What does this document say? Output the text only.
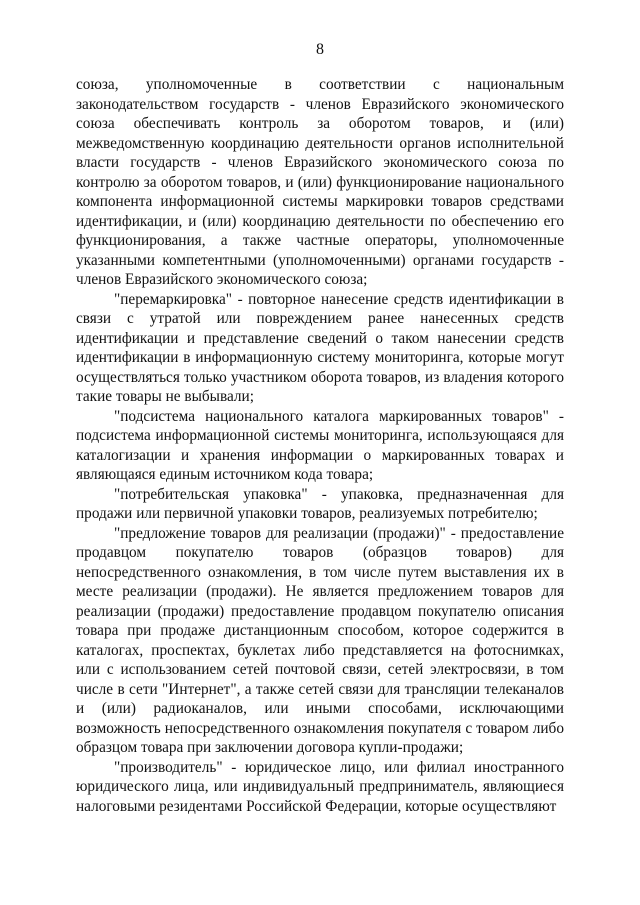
8

союза, уполномоченные в соответствии с национальным законодательством государств - членов Евразийского экономического союза обеспечивать контроль за оборотом товаров, и (или) межведомственную координацию деятельности органов исполнительной власти государств - членов Евразийского экономического союза по контролю за оборотом товаров, и (или) функционирование национального компонента информационной системы маркировки товаров средствами идентификации, и (или) координацию деятельности по обеспечению его функционирования, а также частные операторы, уполномоченные указанными компетентными (уполномоченными) органами государств - членов Евразийского экономического союза;

"перемаркировка" - повторное нанесение средств идентификации в связи с утратой или повреждением ранее нанесенных средств идентификации и представление сведений о таком нанесении средств идентификации в информационную систему мониторинга, которые могут осуществляться только участником оборота товаров, из владения которого такие товары не выбывали;

"подсистема национального каталога маркированных товаров" - подсистема информационной системы мониторинга, использующаяся для каталогизации и хранения информации о маркированных товарах и являющаяся единым источником кода товара;

"потребительская упаковка" - упаковка, предназначенная для продажи или первичной упаковки товаров, реализуемых потребителю;

"предложение товаров для реализации (продажи)" - предоставление продавцом покупателю товаров (образцов товаров) для непосредственного ознакомления, в том числе путем выставления их в месте реализации (продажи). Не является предложением товаров для реализации (продажи) предоставление продавцом покупателю описания товара при продаже дистанционным способом, которое содержится в каталогах, проспектах, буклетах либо представляется на фотоснимках, или с использованием сетей почтовой связи, сетей электросвязи, в том числе в сети "Интернет", а также сетей связи для трансляции телеканалов и (или) радиоканалов, или иными способами, исключающими возможность непосредственного ознакомления покупателя с товаром либо образцом товара при заключении договора купли-продажи;

"производитель" - юридическое лицо, или филиал иностранного юридического лица, или индивидуальный предприниматель, являющиеся налоговыми резидентами Российской Федерации, которые осуществляют
